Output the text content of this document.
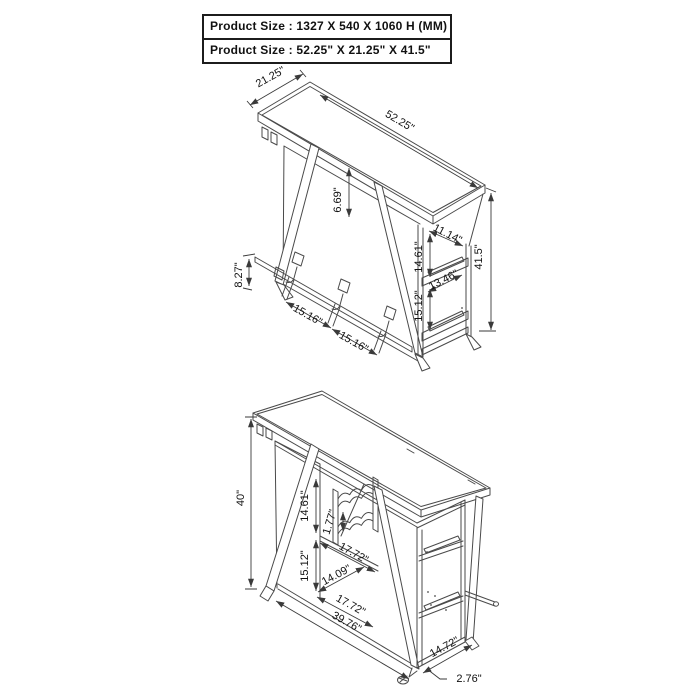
Product Size : 1327 X 540 X 1060 H (MM)
Product Size : 52.25" X 21.25" X 41.5"
21.25"
52.25"
6.69"
8.27"
15.16"
15.16"
11.14"
14.61"
13.46"
15.12"
41.5"
40"	14.61"
1.77"
17.72"
15.12" 14.09"
17.72"
39.76"
14.72"
2.76"
